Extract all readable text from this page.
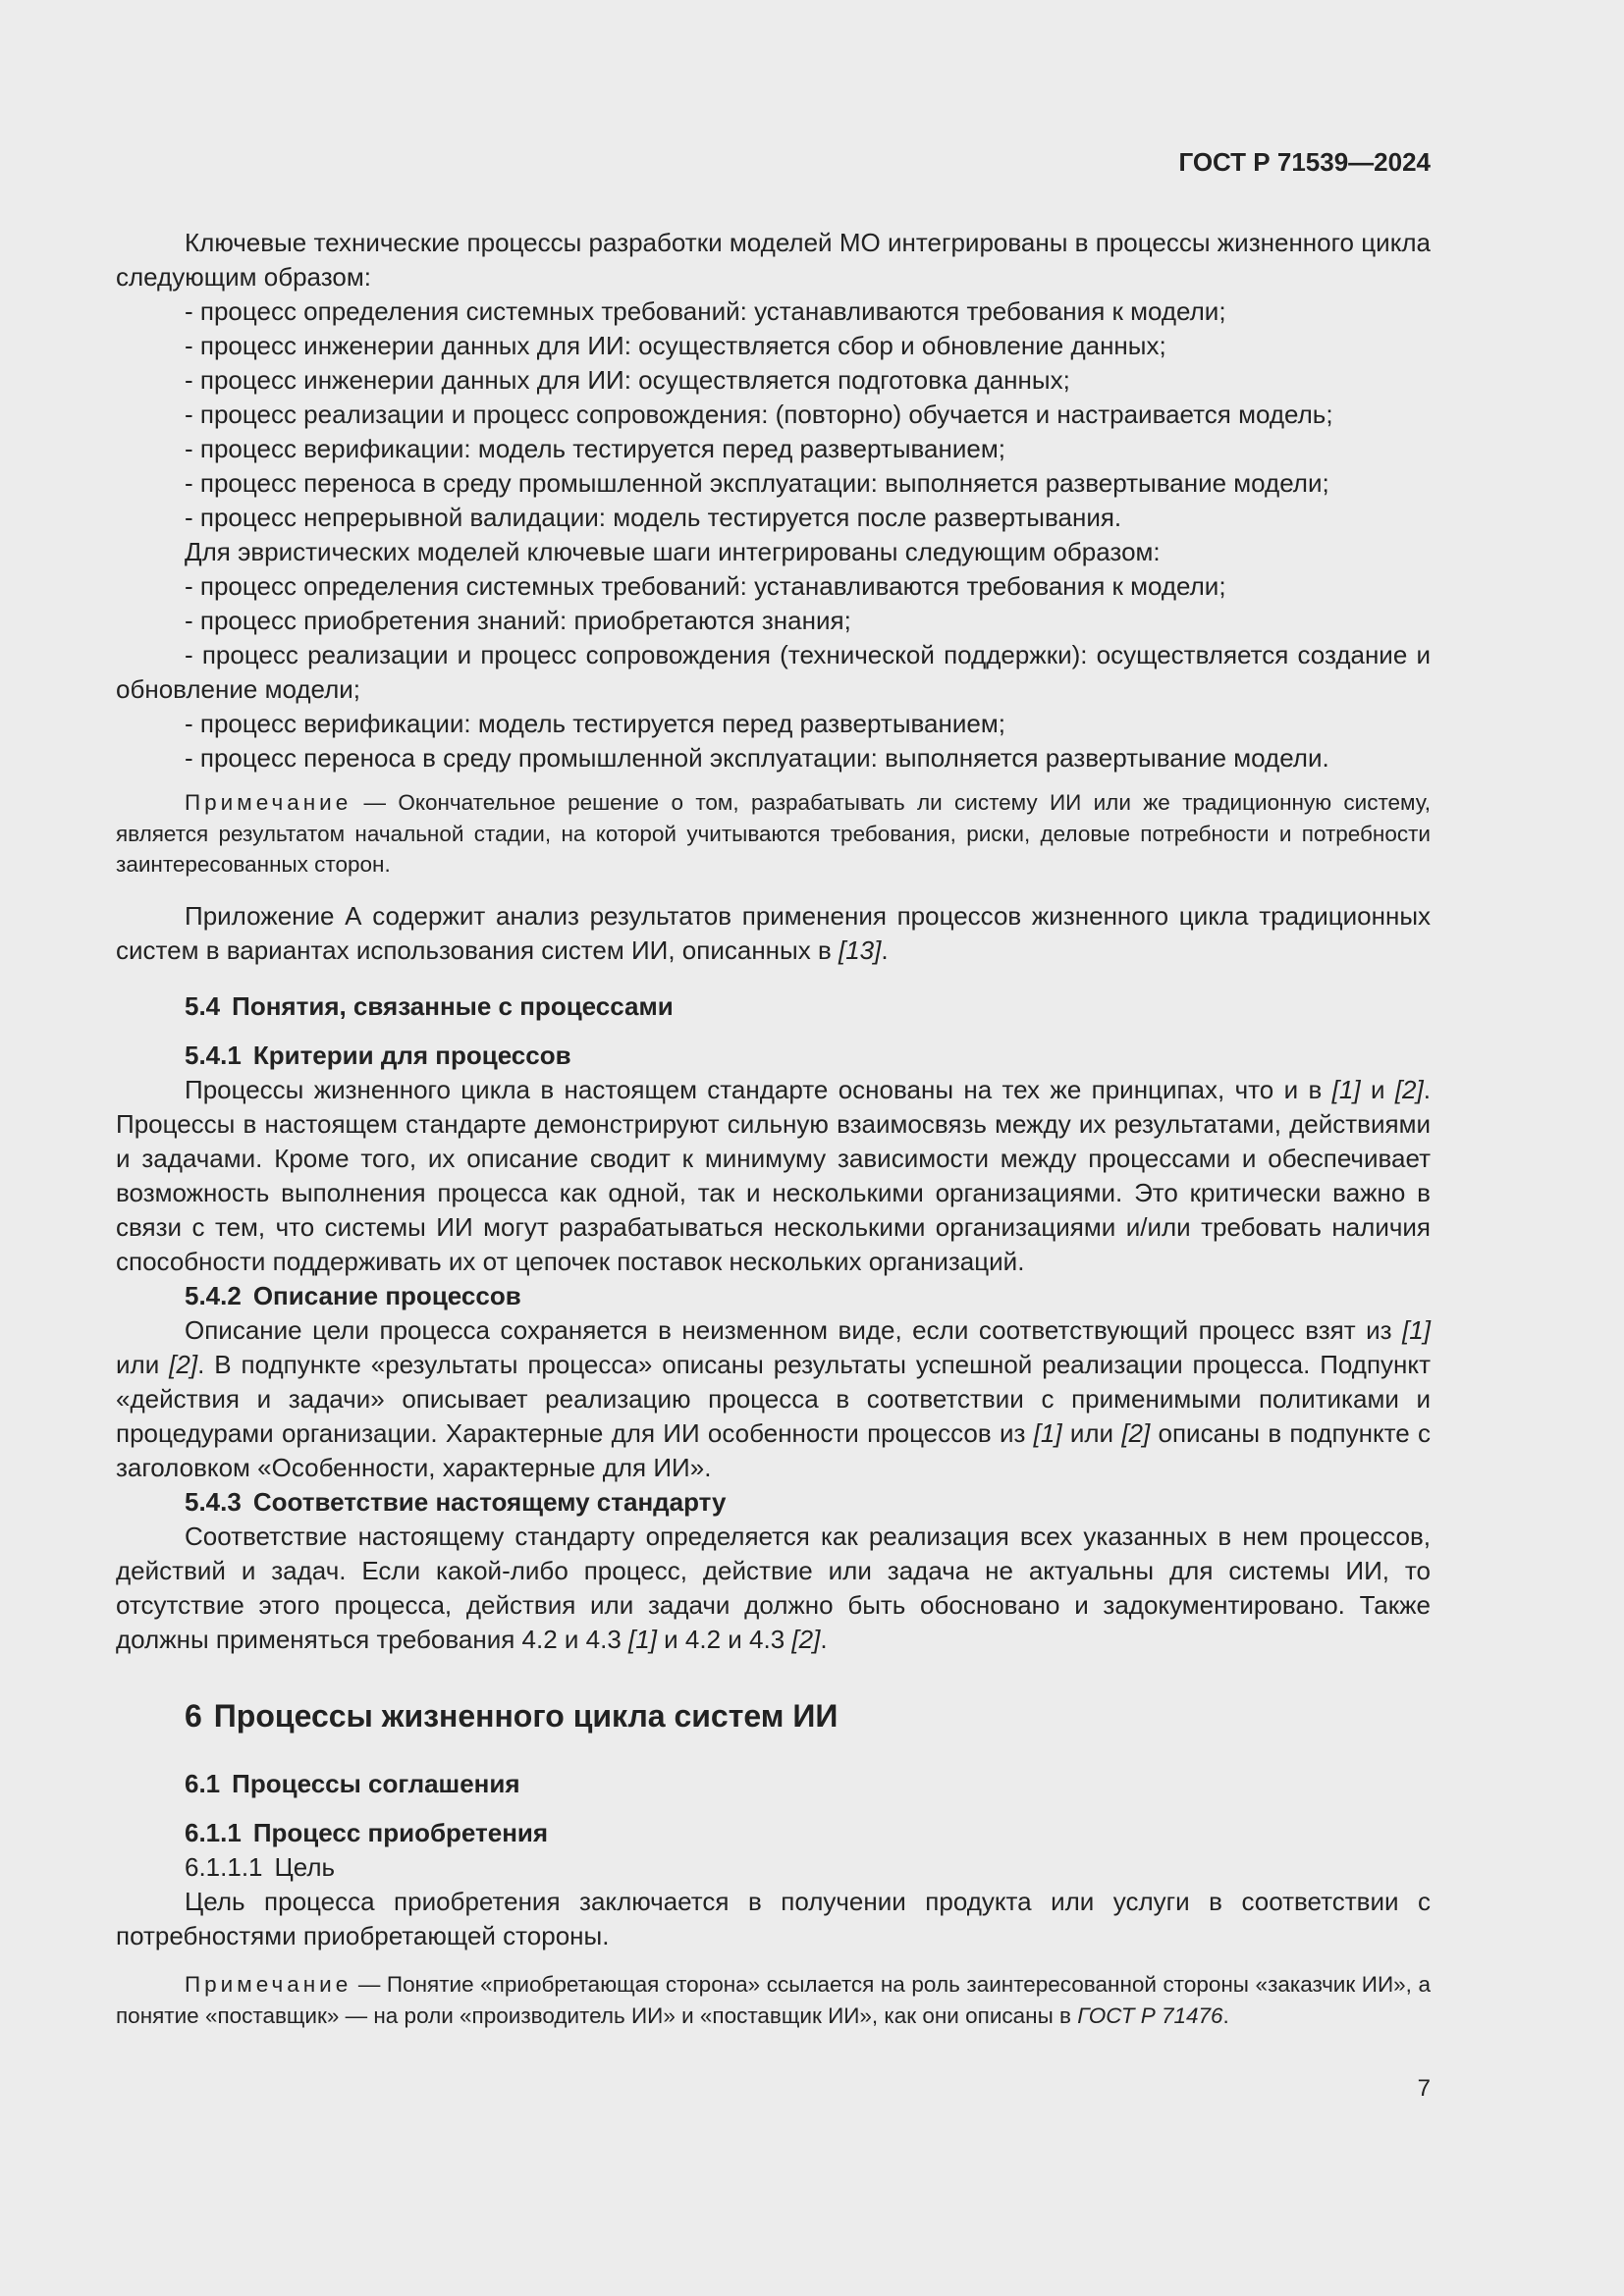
ГОСТ Р 71539—2024

Ключевые технические процессы разработки моделей МО интегрированы в процессы жизненного цикла следующим образом:

- процесс определения системных требований: устанавливаются требования к модели;

- процесс инженерии данных для ИИ: осуществляется сбор и обновление данных;

- процесс инженерии данных для ИИ: осуществляется подготовка данных;

- процесс реализации и процесс сопровождения: (повторно) обучается и настраивается модель;

- процесс верификации: модель тестируется перед развертыванием;

- процесс переноса в среду промышленной эксплуатации: выполняется развертывание модели;

- процесс непрерывной валидации: модель тестируется после развертывания.

Для эвристических моделей ключевые шаги интегрированы следующим образом:

- процесс определения системных требований: устанавливаются требования к модели;

- процесс приобретения знаний: приобретаются знания;

- процесс реализации и процесс сопровождения (технической поддержки): осуществляется создание и обновление модели;

- процесс верификации: модель тестируется перед развертыванием;

- процесс переноса в среду промышленной эксплуатации: выполняется развертывание модели.

Примечание — Окончательное решение о том, разрабатывать ли систему ИИ или же традиционную систему, является результатом начальной стадии, на которой учитываются требования, риски, деловые потребности и потребности заинтересованных сторон.

Приложение А содержит анализ результатов применения процессов жизненного цикла традиционных систем в вариантах использования систем ИИ, описанных в [13].

5.4 Понятия, связанные с процессами
5.4.1 Критерии для процессов

Процессы жизненного цикла в настоящем стандарте основаны на тех же принципах, что и в [1] и [2]. Процессы в настоящем стандарте демонстрируют сильную взаимосвязь между их результатами, действиями и задачами. Кроме того, их описание сводит к минимуму зависимости между процессами и обеспечивает возможность выполнения процесса как одной, так и несколькими организациями. Это критически важно в связи с тем, что системы ИИ могут разрабатываться несколькими организациями и/или требовать наличия способности поддерживать их от цепочек поставок нескольких организаций.

5.4.2 Описание процессов

Описание цели процесса сохраняется в неизменном виде, если соответствующий процесс взят из [1] или [2]. В подпункте «результаты процесса» описаны результаты успешной реализации процесса. Подпункт «действия и задачи» описывает реализацию процесса в соответствии с применимыми политиками и процедурами организации. Характерные для ИИ особенности процессов из [1] или [2] описаны в подпункте с заголовком «Особенности, характерные для ИИ».

5.4.3 Соответствие настоящему стандарту

Соответствие настоящему стандарту определяется как реализация всех указанных в нем процессов, действий и задач. Если какой-либо процесс, действие или задача не актуальны для системы ИИ, то отсутствие этого процесса, действия или задачи должно быть обосновано и задокументировано. Также должны применяться требования 4.2 и 4.3 [1] и 4.2 и 4.3 [2].

6 Процессы жизненного цикла систем ИИ
6.1 Процессы соглашения
6.1.1 Процесс приобретения
6.1.1.1 Цель

Цель процесса приобретения заключается в получении продукта или услуги в соответствии с потребностями приобретающей стороны.

Примечание — Понятие «приобретающая сторона» ссылается на роль заинтересованной стороны «заказчик ИИ», а понятие «поставщик» — на роли «производитель ИИ» и «поставщик ИИ», как они описаны в ГОСТ Р 71476.

7
